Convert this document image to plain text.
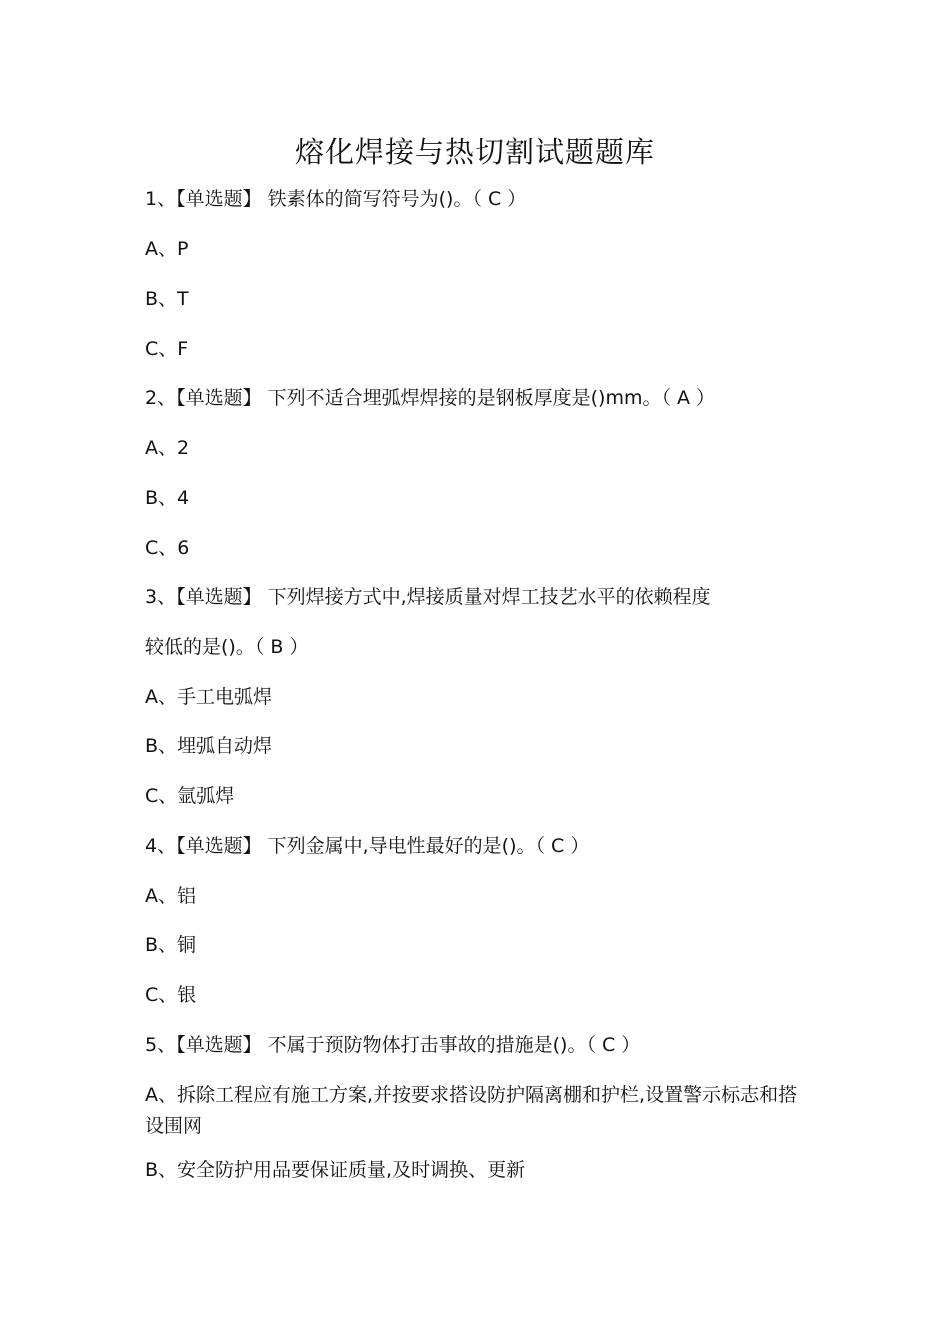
熔化焊接与热切割试题题库
1、【单选题】 铁素体的简写符号为()。（ C ）
A、P
B、T
C、F
2、【单选题】 下列不适合埋弧焊焊接的是钢板厚度是()mm。（ A ）
A、2
B、4
C、6
3、【单选题】 下列焊接方式中,焊接质量对焊工技艺水平的依赖程度
较低的是()。（ B ）
A、手工电弧焊
B、埋弧自动焊
C、氩弧焊
4、【单选题】 下列金属中,导电性最好的是()。（ C ）
A、铝
B、铜
C、银
5、【单选题】 不属于预防物体打击事故的措施是()。（ C ）
A、拆除工程应有施工方案,并按要求搭设防护隔离棚和护栏,设置警示标志和搭设围网
B、安全防护用品要保证质量,及时调换、更新
